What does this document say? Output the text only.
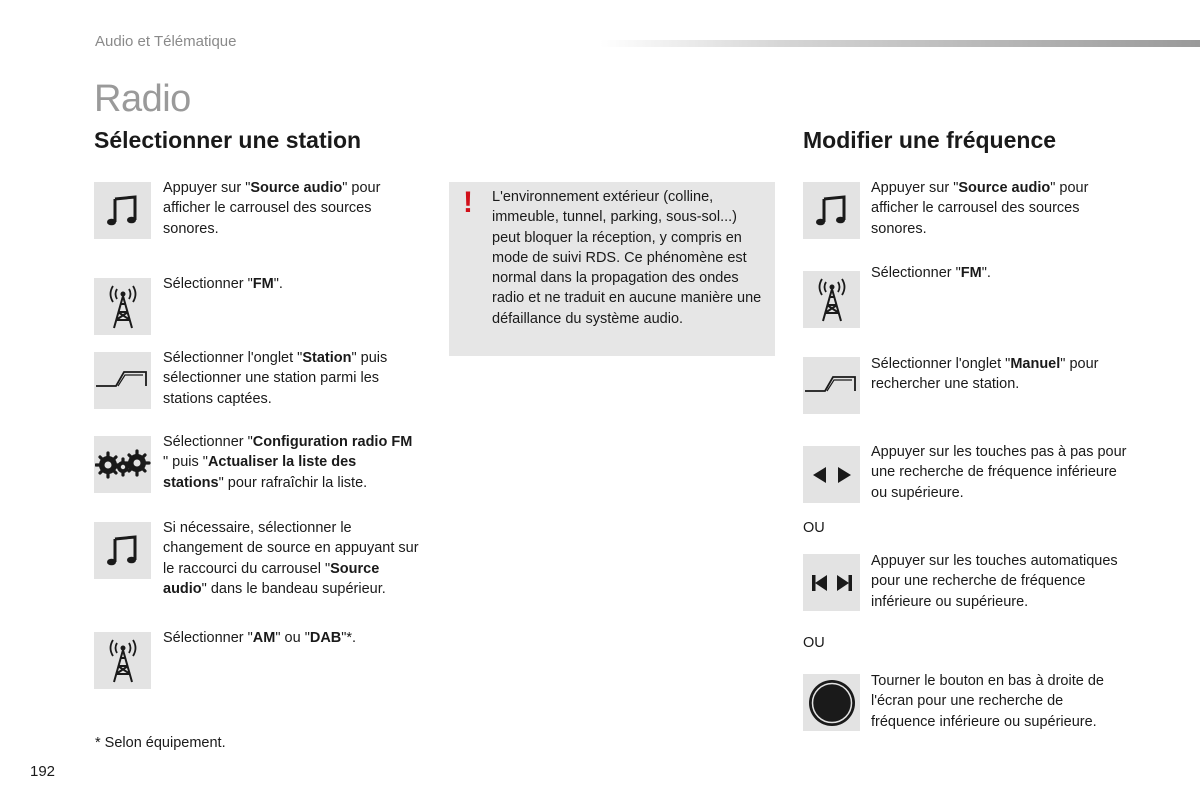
Audio et Télématique
Radio
Sélectionner une station
Appuyer sur "Source audio" pour afficher le carrousel des sources sonores.
Sélectionner "FM".
Sélectionner l'onglet "Station" puis sélectionner une station parmi les stations captées.
Sélectionner "Configuration radio FM " puis "Actualiser la liste des stations" pour rafraîchir la liste.
Si nécessaire, sélectionner le changement de source en appuyant sur le raccourci du carrousel "Source audio" dans le bandeau supérieur.
Sélectionner "AM" ou "DAB"*.
* Selon équipement.
! L'environnement extérieur (colline, immeuble, tunnel, parking, sous-sol...) peut bloquer la réception, y compris en mode de suivi RDS. Ce phénomène est normal dans la propagation des ondes radio et ne traduit en aucune manière une défaillance du système audio.
Modifier une fréquence
Appuyer sur "Source audio" pour afficher le carrousel des sources sonores.
Sélectionner "FM".
Sélectionner l'onglet "Manuel" pour rechercher une station.
Appuyer sur les touches pas à pas pour une recherche de fréquence inférieure ou supérieure.
OU
Appuyer sur les touches automatiques pour une recherche de fréquence inférieure ou supérieure.
OU
Tourner le bouton en bas à droite de l'écran pour une recherche de fréquence inférieure ou supérieure.
192
